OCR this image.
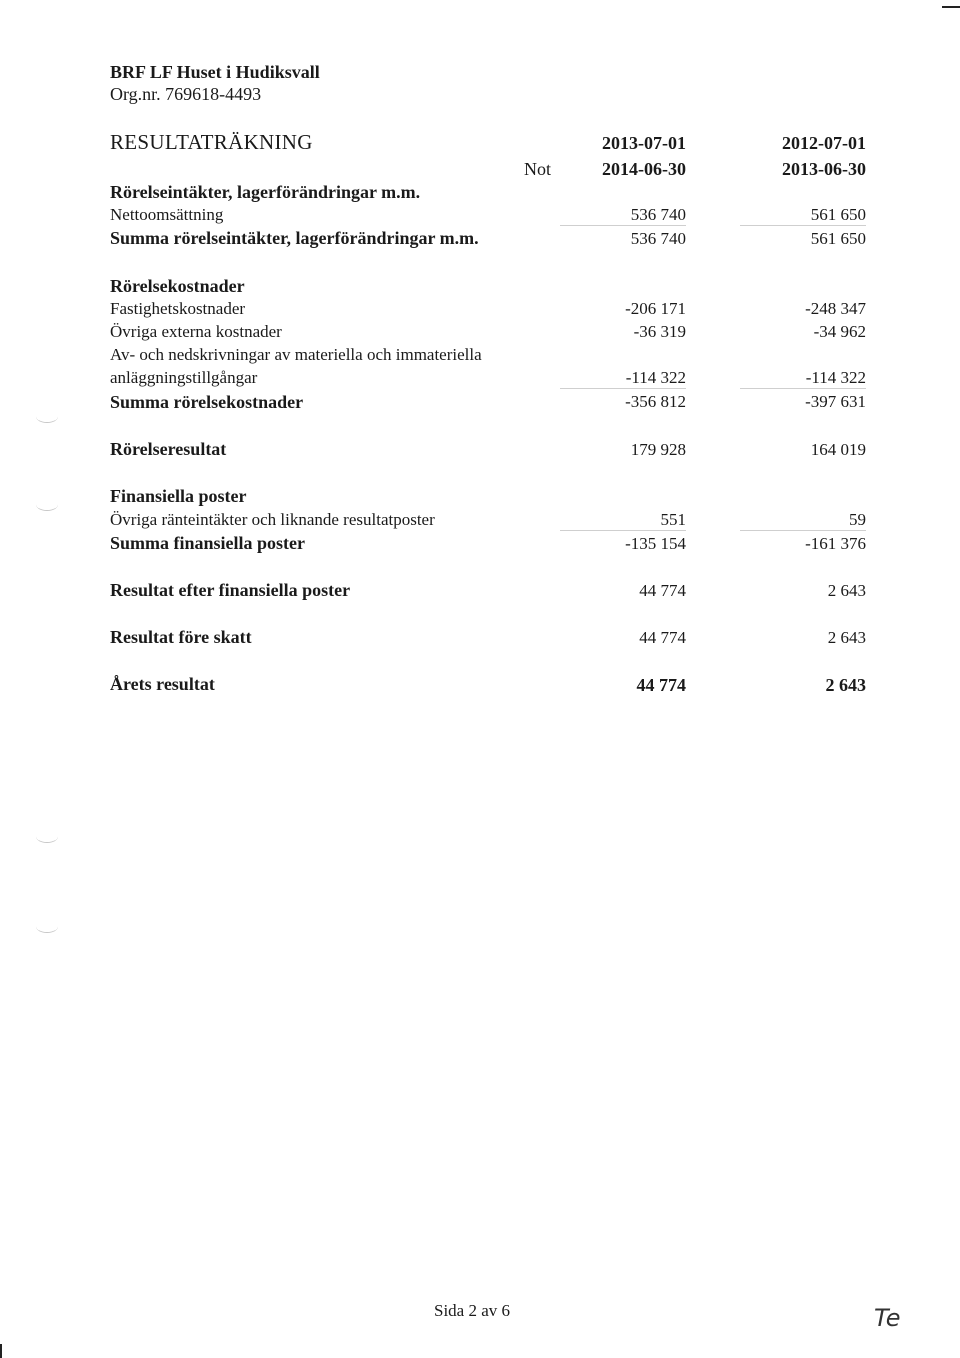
BRF LF Huset i Hudiksvall
Org.nr. 769618-4493
RESULTATRÄKNING	2013-07-01	2012-07-01
Not	2014-06-30	2013-06-30
Rörelseintäkter, lagerförändringar m.m.
Nettoomsättning	536 740	561 650
Summa rörelseintäkter, lagerförändringar m.m.	536 740	561 650
Rörelsekostnader
Fastighetskostnader	-206 171	-248 347
Övriga externa kostnader	-36 319	-34 962
Av- och nedskrivningar av materiella och immateriella
anläggningstillgångar	-114 322	-114 322
Summa rörelsekostnader	-356 812	-397 631
Rörelseresultat	179 928	164 019
Finansiella poster
Övriga ränteintäkter och liknande resultatposter	551	59
Summa finansiella poster	-135 154	-161 376
Resultat efter finansiella poster	44 774	2 643
Resultat före skatt	44 774	2 643
Årets resultat	44 774	2 643
Sida 2 av 6	Te
